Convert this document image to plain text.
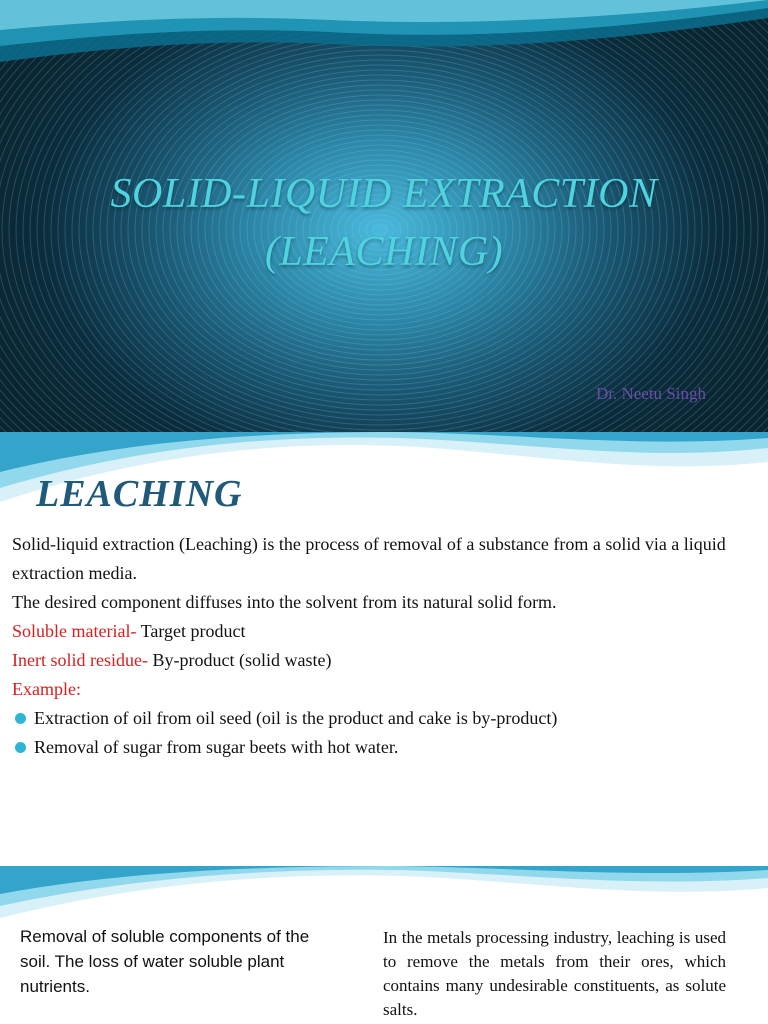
SOLID-LIQUID EXTRACTION
(LEACHING)
Dr. Neetu Singh
LEACHING

Solid-liquid extraction (Leaching) is the process of removal of a substance from a solid via a liquid extraction media.

The desired component diffuses into the solvent from its natural solid form.

Soluble material- Target product

Inert solid residue- By-product (solid waste)

Example:

Extraction of oil from oil seed (oil is the product and cake is by-product)
Removal of sugar from sugar beets with hot water.
Removal of soluble components of the soil. The loss of water soluble plant nutrients.
In the metals processing industry, leaching is used to remove the metals from their ores, which contains many undesirable constituents, as solute salts.
